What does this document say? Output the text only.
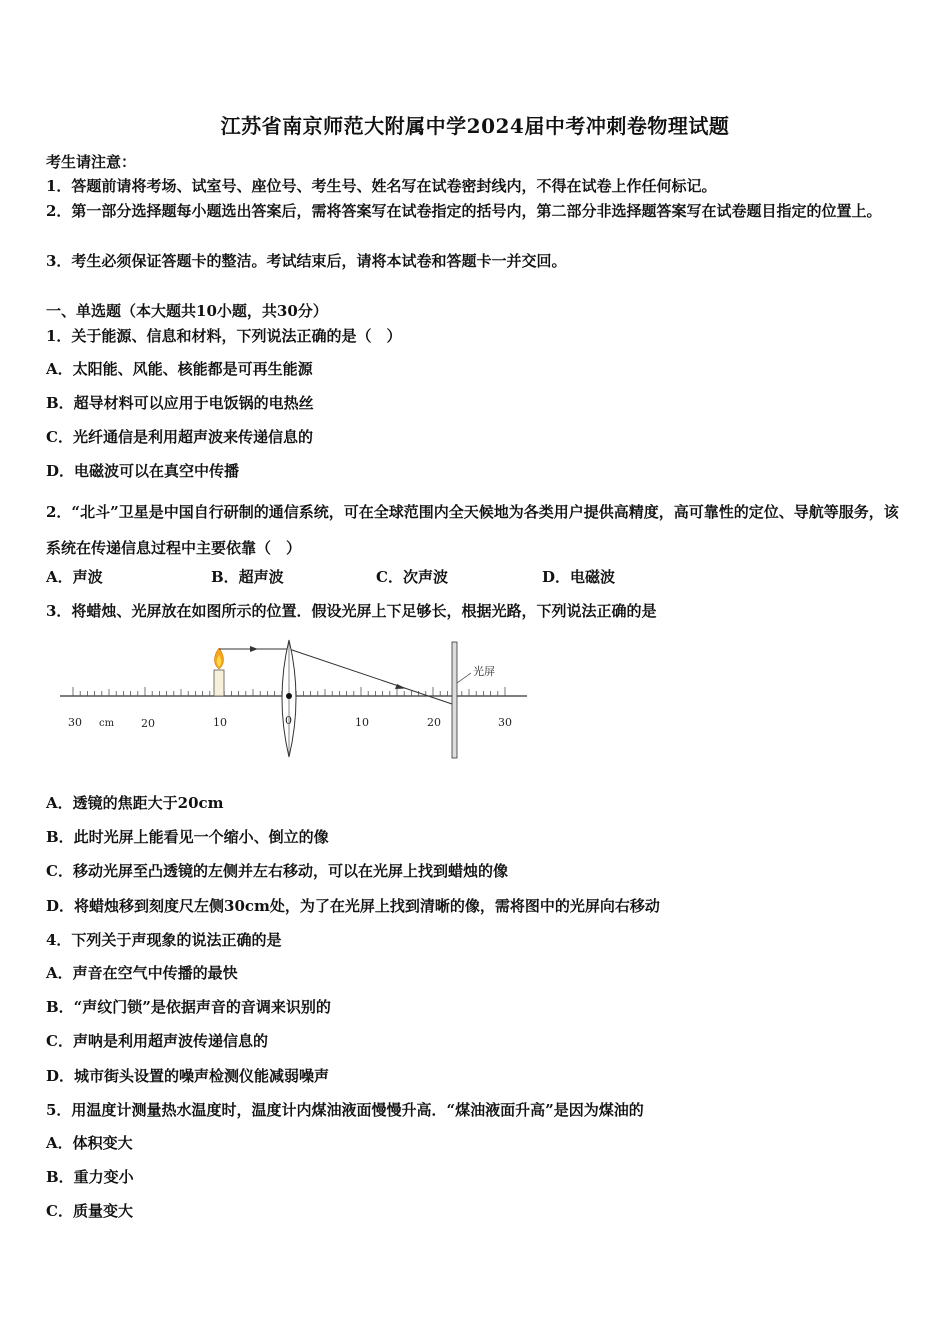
江苏省南京师范大附属中学2024届中考冲刺卷物理试题
考生请注意：
1．答题前请将考场、试室号、座位号、考生号、姓名写在试卷密封线内，不得在试卷上作任何标记。
2．第一部分选择题每小题选出答案后，需将答案写在试卷指定的括号内，第二部分非选择题答案写在试卷题目指定的位置上。
3．考生必须保证答题卡的整洁。考试结束后，请将本试卷和答题卡一并交回。
一、单选题（本大题共10小题，共30分）
1．关于能源、信息和材料，下列说法正确的是（　）
A．太阳能、风能、核能都是可再生能源
B．超导材料可以应用于电饭锅的电热丝
C．光纤通信是利用超声波来传递信息的
D．电磁波可以在真空中传播
2．“北斗”卫星是中国自行研制的通信系统，可在全球范围内全天候地为各类用户提供高精度，高可靠性的定位、导航等服务，该系统在传递信息过程中主要依靠（　）
A．声波	B．超声波	C．次声波	D．电磁波
3．将蜡烛、光屏放在如图所示的位置．假设光屏上下足够长，根据光路，下列说法正确的是
光屏
30 cm 20	10	0	10	20	30
A．透镜的焦距大于20cm
B．此时光屏上能看见一个缩小、倒立的像
C．移动光屏至凸透镜的左侧并左右移动，可以在光屏上找到蜡烛的像
D．将蜡烛移到刻度尺左侧30cm处，为了在光屏上找到清晰的像，需将图中的光屏向右移动
4．下列关于声现象的说法正确的是
A．声音在空气中传播的最快
B．“声纹门锁”是依据声音的音调来识别的
C．声呐是利用超声波传递信息的
D．城市街头设置的噪声检测仪能减弱噪声
5．用温度计测量热水温度时，温度计内煤油液面慢慢升高．“煤油液面升高”是因为煤油的
A．体积变大
B．重力变小
C．质量变大
